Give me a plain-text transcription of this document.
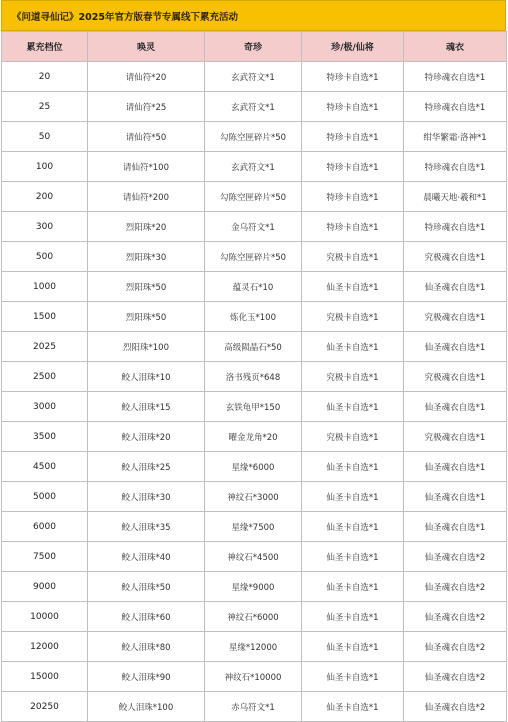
《问道寻仙记》2025年官方版春节专属线下累充活动
累充档位	唤灵	奇珍	珍/极/仙将	魂衣
20	请仙符*20	玄武符文*1	特珍卡自选*1	特珍魂衣自选*1
25	请仙符*25	玄武符文*1	特珍卡自选*1	特珍魂衣自选*1
50	请仙符*50	勾陈空匣碎片*50	特珍卡自选*1	绀华繁霜·洛神*1
100	请仙符*100	玄武符文*1	特珍卡自选*1	特珍魂衣自选*1
200	请仙符*200	勾陈空匣碎片*50	特珍卡自选*1	晨曦天地·羲和*1
300	烈阳珠*20	金乌符文*1	特珍卡自选*1	特珍魂衣自选*1
500	烈阳珠*30	勾陈空匣碎片*50	究极卡自选*1	究极魂衣自选*1
1000	烈阳珠*50	蕴灵石*10	仙圣卡自选*1	仙圣魂衣自选*1
1500	烈阳珠*50	炼化玉*100	究极卡自选*1	究极魂衣自选*1
2025	烈阳珠*100	高级陨晶石*50	仙圣卡自选*1	仙圣魂衣自选*1
2500	鲛人泪珠*10	洛书残页*648	究极卡自选*1	究极魂衣自选*1
3000	鲛人泪珠*15	玄铁龟甲*150	仙圣卡自选*1	仙圣魂衣自选*1
3500	鲛人泪珠*20	曜金龙角*20	究极卡自选*1	究极魂衣自选*1
4500	鲛人泪珠*25	星缘*6000	仙圣卡自选*1	仙圣魂衣自选*1
5000	鲛人泪珠*30	神纹石*3000	仙圣卡自选*1	仙圣魂衣自选*1
6000	鲛人泪珠*35	星缘*7500	仙圣卡自选*1	仙圣魂衣自选*1
7500	鲛人泪珠*40	神纹石*4500	仙圣卡自选*1	仙圣魂衣自选*2
9000	鲛人泪珠*50	星缘*9000	仙圣卡自选*1	仙圣魂衣自选*2
10000	鲛人泪珠*60	神纹石*6000	仙圣卡自选*1	仙圣魂衣自选*2
12000	鲛人泪珠*80	星缘*12000	仙圣卡自选*1	仙圣魂衣自选*2
15000	鲛人泪珠*90	神纹石*10000	仙圣卡自选*1	仙圣魂衣自选*2
20250	鲛人泪珠*100	赤乌符文*1	仙圣卡自选*1	仙圣魂衣自选*2
